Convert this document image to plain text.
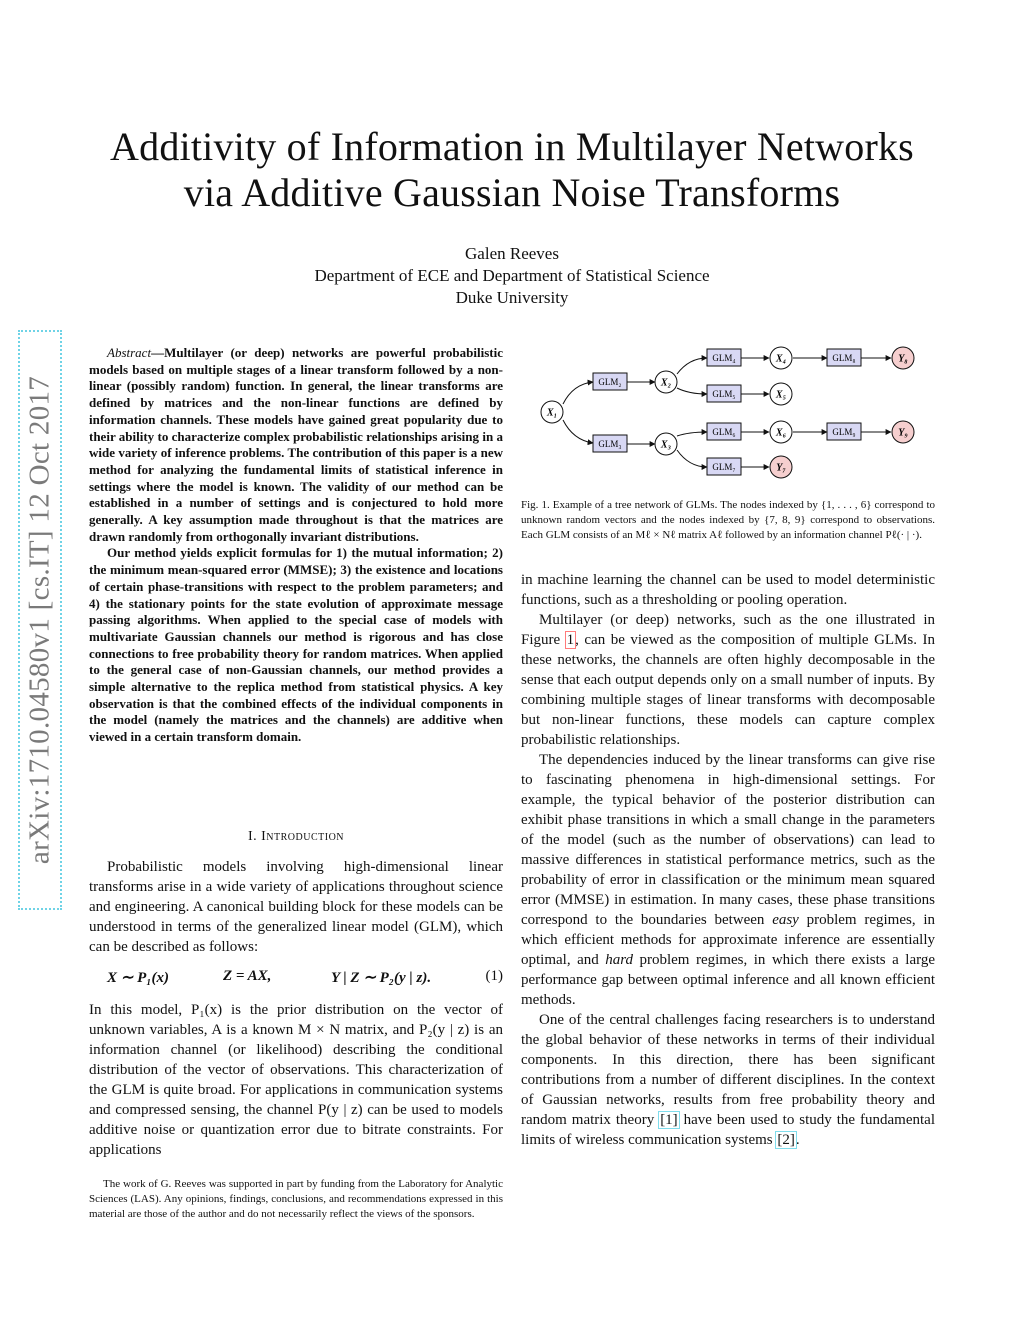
Additivity of Information in Multilayer Networks
via Additive Gaussian Noise Transforms
Galen Reeves
Department of ECE and Department of Statistical Science
Duke University
arXiv:1710.04580v1 [cs.IT] 12 Oct 2017

Abstract—Multilayer (or deep) networks are powerful probabilistic models based on multiple stages of a linear transform followed by a non-linear (possibly random) function. In general, the linear transforms are defined by matrices and the non-linear functions are defined by information channels. These models have gained great popularity due to their ability to characterize complex probabilistic relationships arising in a wide variety of inference problems. The contribution of this paper is a new method for analyzing the fundamental limits of statistical inference in settings where the model is known. The validity of our method can be established in a number of settings and is conjectured to hold more generally. A key assumption made throughout is that the matrices are drawn randomly from orthogonally invariant distributions.

Our method yields explicit formulas for 1) the mutual information; 2) the minimum mean-squared error (MMSE); 3) the existence and locations of certain phase-transitions with respect to the problem parameters; and 4) the stationary points for the state evolution of approximate message passing algorithms. When applied to the special case of models with multivariate Gaussian channels our method is rigorous and has close connections to free probability theory for random matrices. When applied to the general case of non-Gaussian channels, our method provides a simple alternative to the replica method from statistical physics. A key observation is that the combined effects of the individual components in the model (namely the matrices and the channels) are additive when viewed in a certain transform domain.

I. Introduction

Probabilistic models involving high-dimensional linear transforms arise in a wide variety of applications throughout science and engineering. A canonical building block for these models can be understood in terms of the generalized linear model (GLM), which can be described as follows:

X ∼ P₁(x)	Z = AX,	Y | Z ∼ P₂(y | z).	(1)

In this model, P₁(x) is the prior distribution on the vector of unknown variables, A is a known M × N matrix, and P₂(y | z) is an information channel (or likelihood) describing the conditional distribution of the vector of observations. This characterization of the GLM is quite broad. For applications in communication systems and compressed sensing, the channel P(y | z) can be used to models additive noise or quantization error due to bitrate constraints. For applications

The work of G. Reeves was supported in part by funding from the Laboratory for Analytic Sciences (LAS). Any opinions, findings, conclusions, and recommendations expressed in this material are those of the author and do not necessarily reflect the views of the sponsors.

X₁
GLM₂
GLM₃
X₂
X₃
GLM₄
GLM₅
GLM₆
GLM₇
X₄
X₅
X₆
Y₇
GLM₈
GLM₉
Y₈
Y₉
Fig. 1. Example of a tree network of GLMs. The nodes indexed by {1, . . . , 6} correspond to unknown random vectors and the nodes indexed by {7, 8, 9} correspond to observations. Each GLM consists of an Mℓ × Nℓ matrix Aℓ followed by an information channel Pℓ(· | ·).

in machine learning the channel can be used to model deterministic functions, such as a thresholding or pooling operation.

Multilayer (or deep) networks, such as the one illustrated in Figure 1, can be viewed as the composition of multiple GLMs. In these networks, the channels are often highly decomposable in the sense that each output depends only on a small number of inputs. By combining multiple stages of linear transforms with decomposable but non-linear functions, these models can capture complex probabilistic relationships.

The dependencies induced by the linear transforms can give rise to fascinating phenomena in high-dimensional settings. For example, the typical behavior of the posterior distribution can exhibit phase transitions in which a small change in the parameters of the model (such as the number of observations) can lead to massive differences in statistical performance metrics, such as the probability of error in classification or the minimum mean squared error (MMSE) in estimation. In many cases, these phase transitions correspond to the boundaries between easy problem regimes, in which efficient methods for approximate inference are essentially optimal, and hard problem regimes, in which there exists a large performance gap between optimal inference and all known efficient methods.

One of the central challenges facing researchers is to understand the global behavior of these networks in terms of their individual components. In this direction, there has been significant contributions from a number of different disciplines. In the context of Gaussian networks, results from free probability theory and random matrix theory [1] have been used to study the fundamental limits of wireless communication systems [2].
